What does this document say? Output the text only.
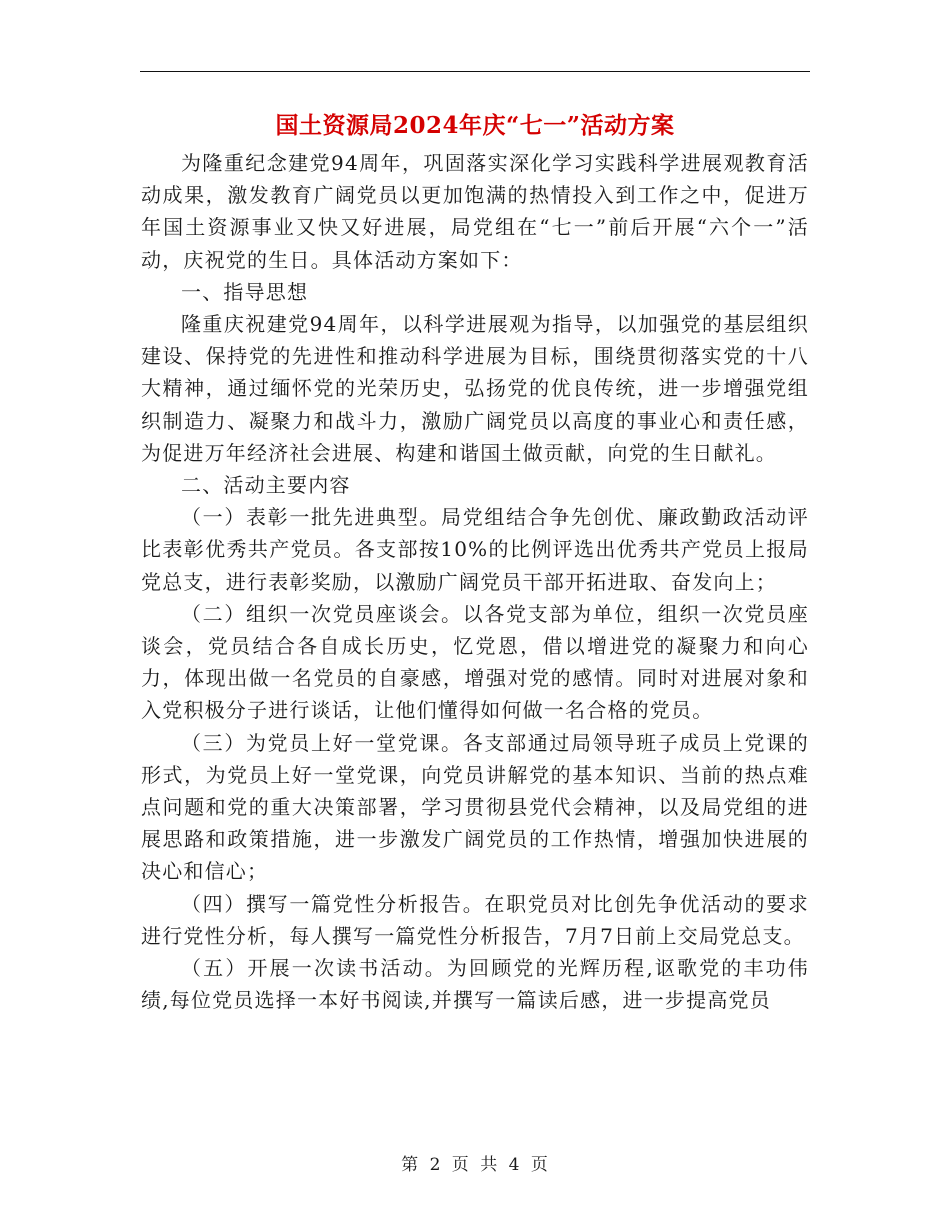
国土资源局2024年庆“七一”活动方案

为隆重纪念建党94周年，巩固落实深化学习实践科学进展观教育活动成果，激发教育广阔党员以更加饱满的热情投入到工作之中，促进万年国土资源事业又快又好进展，局党组在“七一”前后开展“六个一”活动，庆祝党的生日。具体活动方案如下：

一、指导思想

隆重庆祝建党94周年，以科学进展观为指导，以加强党的基层组织建设、保持党的先进性和推动科学进展为目标，围绕贯彻落实党的十八大精神，通过缅怀党的光荣历史，弘扬党的优良传统，进一步增强党组织制造力、凝聚力和战斗力，激励广阔党员以高度的事业心和责任感，为促进万年经济社会进展、构建和谐国土做贡献，向党的生日献礼。

二、活动主要内容

（一）表彰一批先进典型。局党组结合争先创优、廉政勤政活动评比表彰优秀共产党员。各支部按10%的比例评选出优秀共产党员上报局党总支，进行表彰奖励，以激励广阔党员干部开拓进取、奋发向上；

（二）组织一次党员座谈会。以各党支部为单位，组织一次党员座谈会，党员结合各自成长历史，忆党恩，借以增进党的凝聚力和向心力，体现出做一名党员的自豪感，增强对党的感情。同时对进展对象和入党积极分子进行谈话，让他们懂得如何做一名合格的党员。

（三）为党员上好一堂党课。各支部通过局领导班子成员上党课的形式，为党员上好一堂党课，向党员讲解党的基本知识、当前的热点难点问题和党的重大决策部署，学习贯彻县党代会精神，以及局党组的进展思路和政策措施，进一步激发广阔党员的工作热情，增强加快进展的决心和信心；

（四）撰写一篇党性分析报告。在职党员对比创先争优活动的要求进行党性分析，每人撰写一篇党性分析报告，7月7日前上交局党总支。

（五）开展一次读书活动。为回顾党的光辉历程,讴歌党的丰功伟绩,每位党员选择一本好书阅读,并撰写一篇读后感，进一步提高党员

第 2 页 共 4 页
